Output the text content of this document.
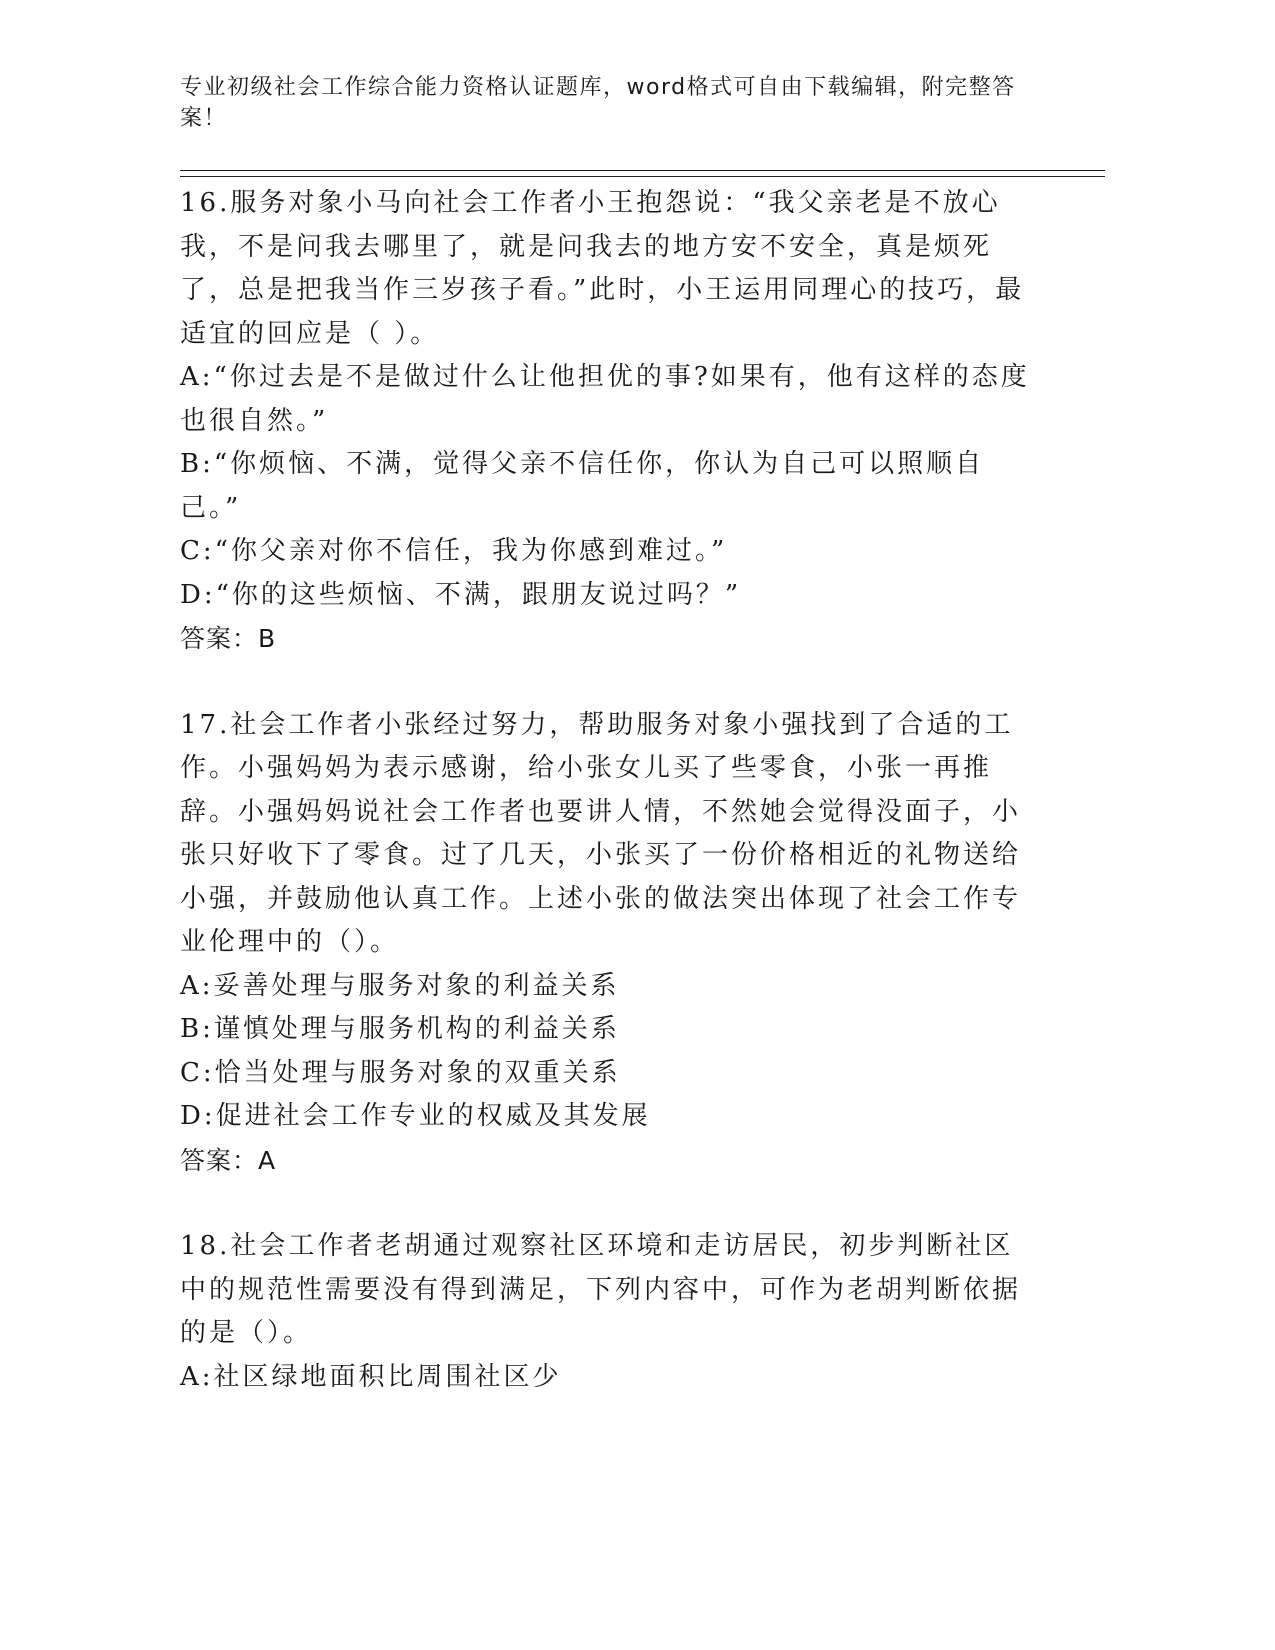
专业初级社会工作综合能力资格认证题库，word格式可自由下载编辑，附完整答案！

16.服务对象小马向社会工作者小王抱怨说：“我父亲老是不放心我，不是问我去哪里了，就是问我去的地方安不安全，真是烦死了，总是把我当作三岁孩子看。”此时，小王运用同理心的技巧，最适宜的回应是（ ）。

A:“你过去是不是做过什么让他担优的事?如果有，他有这样的态度也很自然。”

B:“你烦恼、不满，觉得父亲不信任你，你认为自己可以照顺自己。”

C:“你父亲对你不信任，我为你感到难过。”

D:“你的这些烦恼、不满，跟朋友说过吗？”

答案：B

17.社会工作者小张经过努力，帮助服务对象小强找到了合适的工作。小强妈妈为表示感谢，给小张女儿买了些零食，小张一再推辞。小强妈妈说社会工作者也要讲人情，不然她会觉得没面子，小张只好收下了零食。过了几天，小张买了一份价格相近的礼物送给小强，并鼓励他认真工作。上述小张的做法突出体现了社会工作专业伦理中的（）。

A:妥善处理与服务对象的利益关系

B:谨慎处理与服务机构的利益关系

C:恰当处理与服务对象的双重关系

D:促进社会工作专业的权威及其发展

答案：A

18.社会工作者老胡通过观察社区环境和走访居民，初步判断社区中的规范性需要没有得到满足，下列内容中，可作为老胡判断依据的是（）。

A:社区绿地面积比周围社区少
